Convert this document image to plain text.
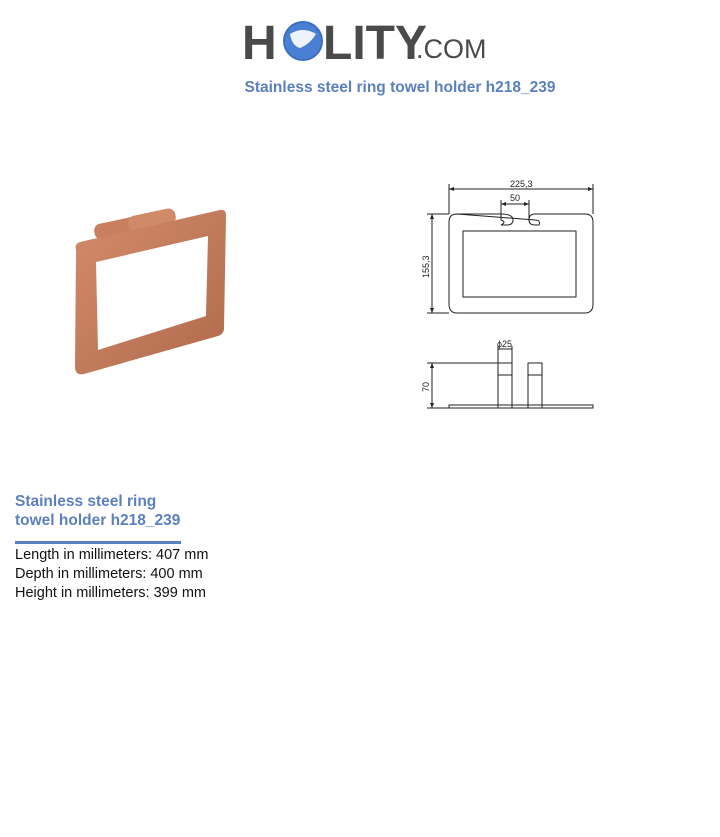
H LITY
.COM
Stainless steel ring towel holder h218_239
225,3
50
155,3
ϕ25
70
Stainless steel ring
towel holder h218_239
Length in millimeters: 407 mm
Depth in millimeters: 400 mm
Height in millimeters: 399 mm
